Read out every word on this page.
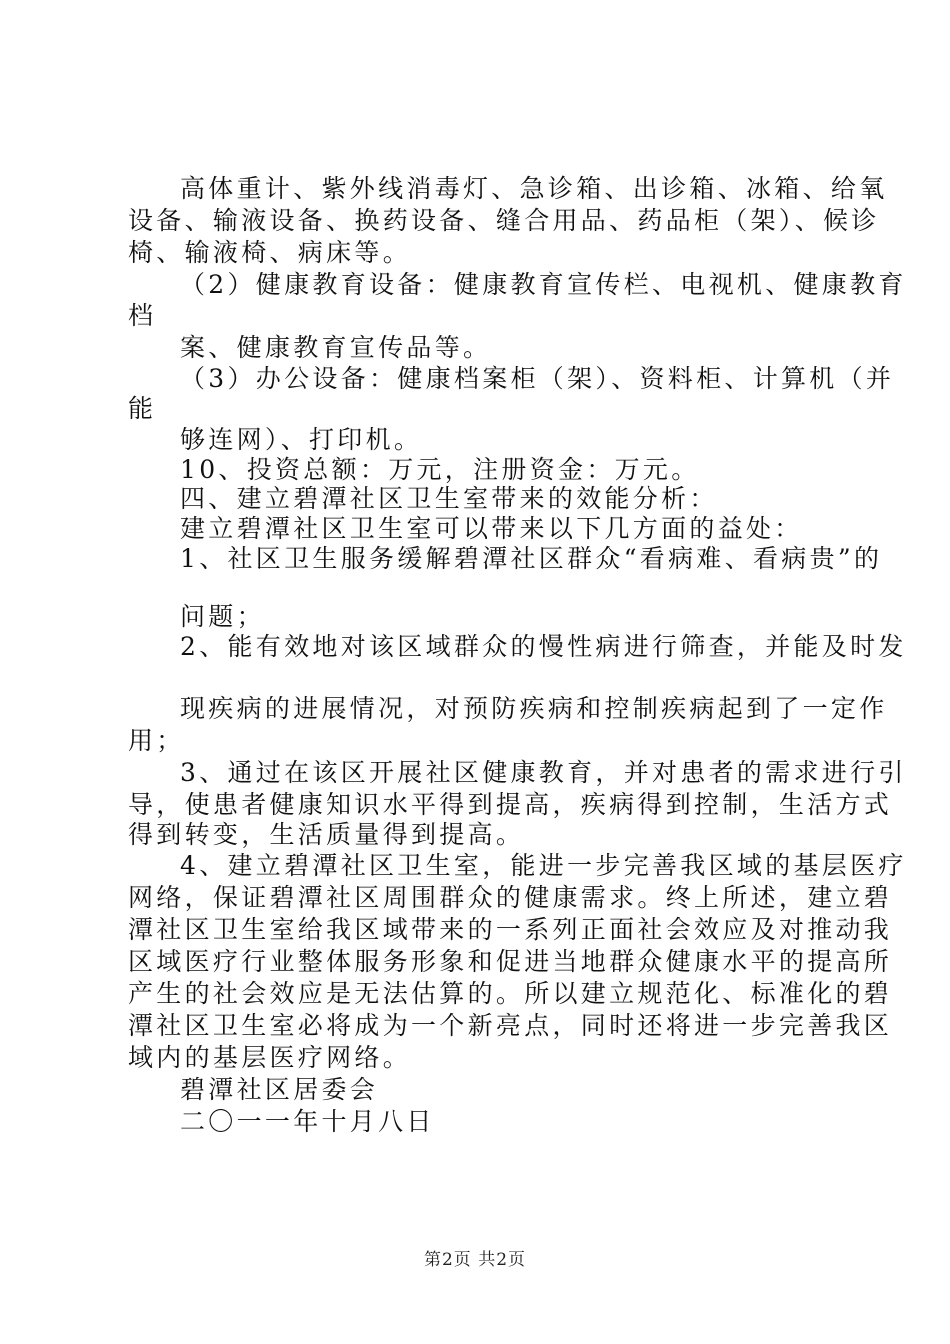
高体重计、紫外线消毒灯、急诊箱、出诊箱、冰箱、给氧
设备、输液设备、换药设备、缝合用品、药品柜（架）、候诊
椅、输液椅、病床等。
（2）健康教育设备：健康教育宣传栏、电视机、健康教育
档
案、健康教育宣传品等。
（3）办公设备：健康档案柜（架）、资料柜、计算机（并
能
够连网）、打印机。
10、投资总额：万元，注册资金：万元。
四、建立碧潭社区卫生室带来的效能分析：
建立碧潭社区卫生室可以带来以下几方面的益处：
1、社区卫生服务缓解碧潭社区群众“看病难、看病贵”的
问题；
2、能有效地对该区域群众的慢性病进行筛查，并能及时发
现疾病的进展情况，对预防疾病和控制疾病起到了一定作
用；
3、通过在该区开展社区健康教育，并对患者的需求进行引
导，使患者健康知识水平得到提高，疾病得到控制，生活方式
得到转变，生活质量得到提高。
4、建立碧潭社区卫生室，能进一步完善我区域的基层医疗
网络，保证碧潭社区周围群众的健康需求。终上所述，建立碧
潭社区卫生室给我区域带来的一系列正面社会效应及对推动我
区域医疗行业整体服务形象和促进当地群众健康水平的提高所
产生的社会效应是无法估算的。所以建立规范化、标准化的碧
潭社区卫生室必将成为一个新亮点，同时还将进一步完善我区
域内的基层医疗网络。
碧潭社区居委会
二〇一一年十月八日
第2页 共2页
